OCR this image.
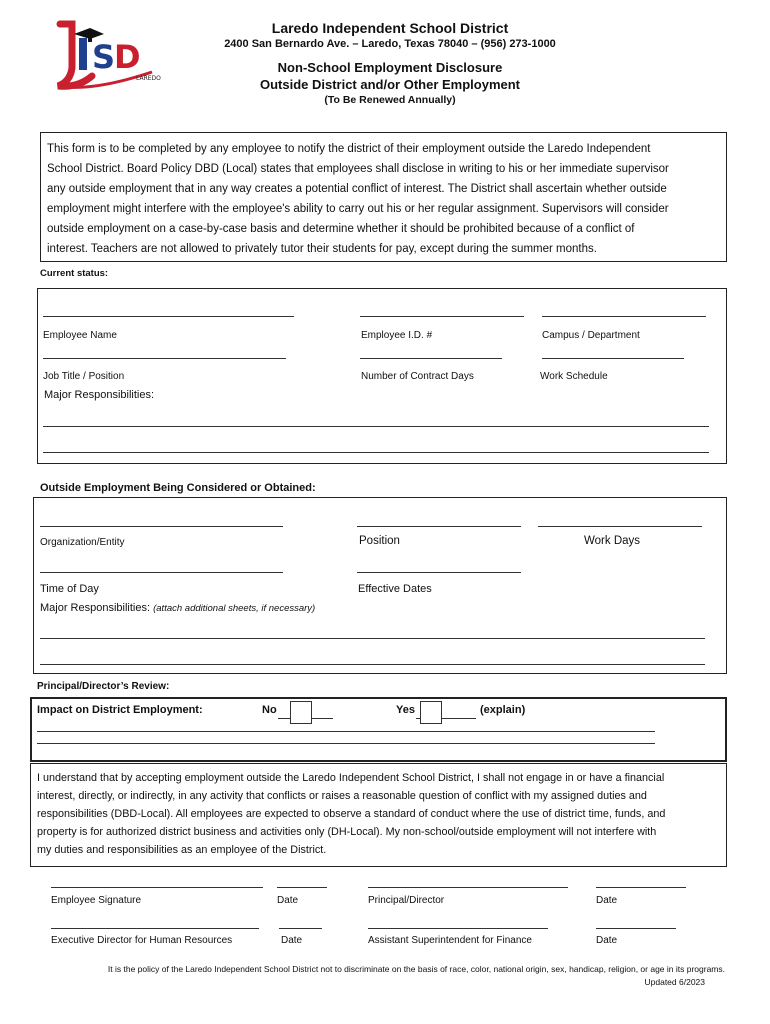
S
D
LAREDO
Laredo Independent School District
2400 San Bernardo Ave. – Laredo, Texas 78040 – (956) 273-1000
Non-School Employment Disclosure
Outside District and/or Other Employment
(To Be Renewed Annually)
This form is to be completed by any employee to notify the district of their employment outside the Laredo Independent
School District. Board Policy DBD (Local) states that employees shall disclose in writing to his or her immediate supervisor
any outside employment that in any way creates a potential conflict of interest. The District shall ascertain whether outside
employment might interfere with the employee's ability to carry out his or her regular assignment. Supervisors will consider
outside employment on a case-by-case basis and determine whether it should be prohibited because of a conflict of
interest. Teachers are not allowed to privately tutor their students for pay, except during the summer months.
Current status:
Employee Name	Employee I.D. #	Campus / Department
Job Title / Position	Number of Contract Days	Work Schedule
Major Responsibilities:
Outside Employment Being Considered or Obtained:
Organization/Entity	Position	Work Days
Time of Day	Effective Dates
Major Responsibilities: (attach additional sheets, if necessary)
Principal/Director’s Review:
Impact on District Employment:	No	Yes	(explain)
I understand that by accepting employment outside the Laredo Independent School District, I shall not engage in or have a financial
interest, directly, or indirectly, in any activity that conflicts or raises a reasonable question of conflict with my assigned duties and
responsibilities (DBD-Local). All employees are expected to observe a standard of conduct where the use of district time, funds, and
property is for authorized district business and activities only (DH-Local). My non-school/outside employment will not interfere with
my duties and responsibilities as an employee of the District.
Employee Signature	Date	Principal/Director	Date
Executive Director for Human Resources	Date	Assistant Superintendent for Finance	Date
It is the policy of the Laredo Independent School District not to discriminate on the basis of race, color, national origin, sex, handicap, religion, or age in its programs.
Updated 6/2023
